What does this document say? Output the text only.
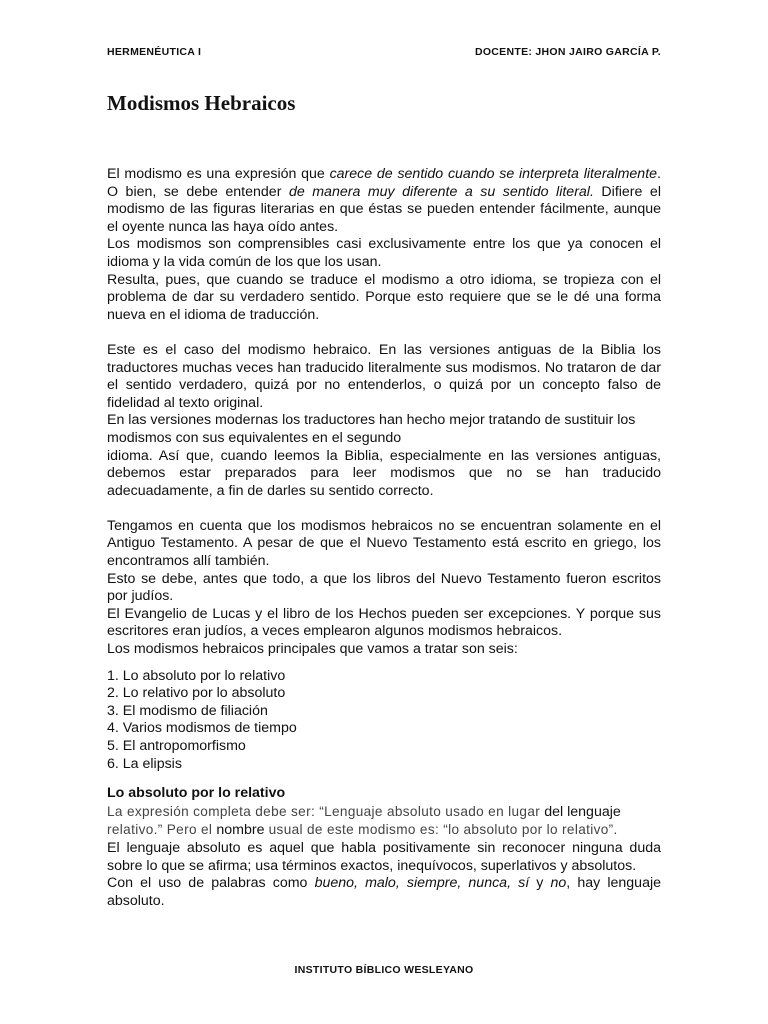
HERMENÉUTICA I	DOCENTE: JHON JAIRO GARCÍA P.
Modismos Hebraicos

El modismo es una expresión que carece de sentido cuando se interpreta literalmente. O bien, se debe entender de manera muy diferente a su sentido literal. Difiere el modismo de las figuras literarias en que éstas se pueden entender fácilmente, aunque el oyente nunca las haya oído antes.

Los modismos son comprensibles casi exclusivamente entre los que ya conocen el idioma y la vida común de los que los usan.

Resulta, pues, que cuando se traduce el modismo a otro idioma, se tropieza con el problema de dar su verdadero sentido. Porque esto requiere que se le dé una forma nueva en el idioma de traducción.

Este es el caso del modismo hebraico. En las versiones antiguas de la Biblia los traductores muchas veces han traducido literalmente sus modismos. No trataron de dar el sentido verdadero, quizá por no entenderlos, o quizá por un concepto falso de fidelidad al texto original.

En las versiones modernas los traductores han hecho mejor tratando de sustituir los modismos con sus equivalentes en el segundo

idioma. Así que, cuando leemos la Biblia, especialmente en las versiones antiguas, debemos estar preparados para leer modismos que no se han traducido adecuadamente, a fin de darles su sentido correcto.

Tengamos en cuenta que los modismos hebraicos no se encuentran solamente en el Antiguo Testamento. A pesar de que el Nuevo Testamento está escrito en griego, los encontramos allí también.

Esto se debe, antes que todo, a que los libros del Nuevo Testamento fueron escritos por judíos.

El Evangelio de Lucas y el libro de los Hechos pueden ser excepciones. Y porque sus escritores eran judíos, a veces emplearon algunos modismos hebraicos.

Los modismos hebraicos principales que vamos a tratar son seis:

1. Lo absoluto por lo relativo
2. Lo relativo por lo absoluto
3. El modismo de filiación
4. Varios modismos de tiempo
5. El antropomorfismo
6. La elipsis

Lo absoluto por lo relativo

La expresión completa debe ser: “Lenguaje absoluto usado en lugar del lenguaje

relativo.” Pero el nombre usual de este modismo es: “lo absoluto por lo relativo”.

El lenguaje absoluto es aquel que habla positivamente sin reconocer ninguna duda sobre lo que se afirma; usa términos exactos, inequívocos, superlativos y absolutos.

Con el uso de palabras como bueno, malo, siempre, nunca, sí y no, hay lenguaje absoluto.

INSTITUTO BÍBLICO WESLEYANO
